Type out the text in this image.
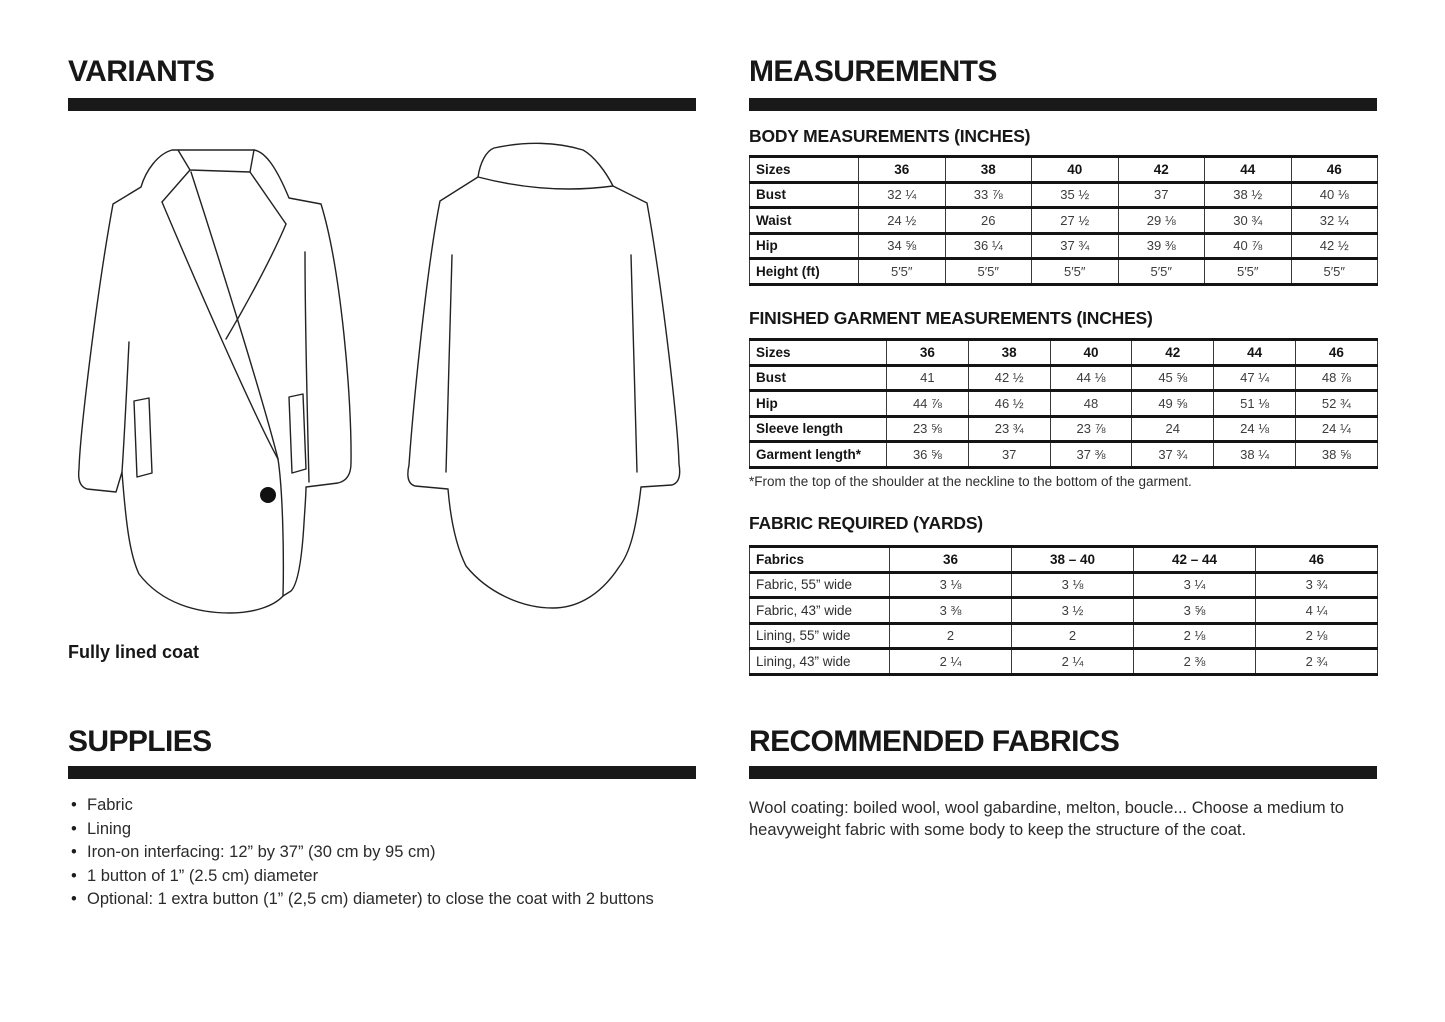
VARIANTS

Fully lined coat

SUPPLIES
• Fabric
• Lining
• Iron-on interfacing: 12” by 37” (30 cm by 95 cm)
• 1 button of 1” (2.5 cm) diameter
• Optional: 1 extra button (1” (2,5 cm) diameter) to close the coat with 2 buttons
MEASUREMENTS
BODY MEASUREMENTS (INCHES)
Sizes	36	38	40	42	44	46
Bust	32 ¼	33 ⅞	35 ½	37	38 ½	40 ⅛
Waist	24 ½	26	27 ½	29 ⅛	30 ¾	32 ¼
Hip	34 ⅝	36 ¼	37 ¾	39 ⅜	40 ⅞	42 ½
Height (ft)	5′5″	5′5″	5′5″	5′5″	5′5″	5′5″
FINISHED GARMENT MEASUREMENTS (INCHES)
Sizes	36	38	40	42	44	46
Bust	41	42 ½	44 ⅛	45 ⅝	47 ¼	48 ⅞
Hip	44 ⅞	46 ½	48	49 ⅝	51 ⅛	52 ¾
Sleeve length	23 ⅝	23 ¾	23 ⅞	24	24 ⅛	24 ¼
Garment length*	36 ⅝	37	37 ⅜	37 ¾	38 ¼	38 ⅝

*From the top of the shoulder at the neckline to the bottom of the garment.

FABRIC REQUIRED (YARDS)
Fabrics	36	38 – 40	42 – 44	46
Fabric, 55” wide	3 ⅛	3 ⅛	3 ¼	3 ¾
Fabric, 43” wide	3 ⅜	3 ½	3 ⅝	4 ¼
Lining, 55” wide	2	2	2 ⅛	2 ⅛
Lining, 43” wide	2 ¼	2 ¼	2 ⅜	2 ¾
RECOMMENDED FABRICS

Wool coating: boiled wool, wool gabardine, melton, boucle... Choose a medium to heavyweight fabric with some body to keep the structure of the coat.
